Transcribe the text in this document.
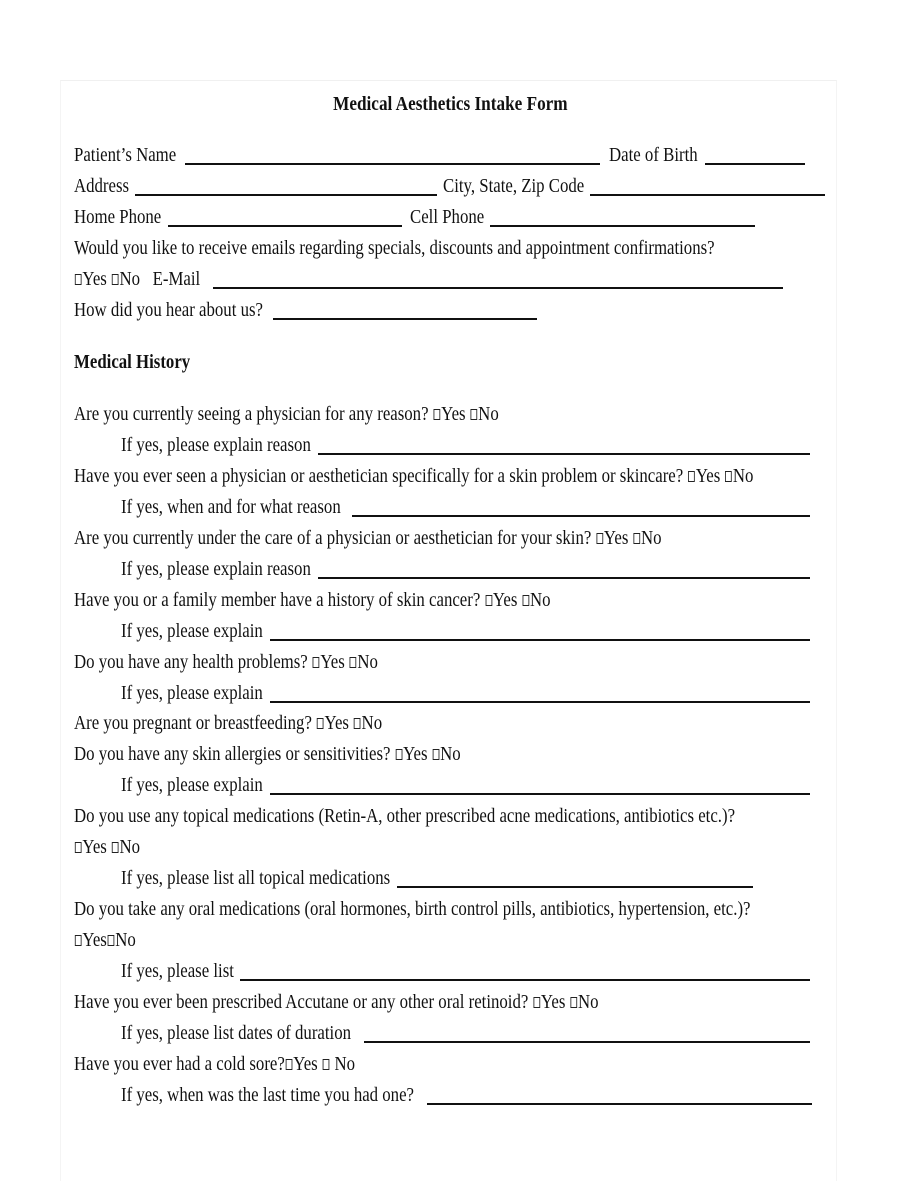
Medical Aesthetics Intake Form
Patient’s Name	Date of Birth
Address	City, State, Zip Code
Home Phone	Cell Phone
Would you like to receive emails regarding specials, discounts and appointment confirmations?
Yes No E-Mail
How did you hear about us?
Medical History
Are you currently seeing a physician for any reason? Yes No
If yes, please explain reason
Have you ever seen a physician or aesthetician specifically for a skin problem or skincare? Yes No
If yes, when and for what reason
Are you currently under the care of a physician or aesthetician for your skin? Yes No
If yes, please explain reason
Have you or a family member have a history of skin cancer? Yes No
If yes, please explain
Do you have any health problems? Yes No
If yes, please explain
Are you pregnant or breastfeeding? Yes No
Do you have any skin allergies or sensitivities? Yes No
If yes, please explain
Do you use any topical medications (Retin-A, other prescribed acne medications, antibiotics etc.)?
Yes No
If yes, please list all topical medications
Do you take any oral medications (oral hormones, birth control pills, antibiotics, hypertension, etc.)?
Yes No
If yes, please list
Have you ever been prescribed Accutane or any other oral retinoid? Yes No
If yes, please list dates of duration
Have you ever had a cold sore? Yes No
If yes, when was the last time you had one?
